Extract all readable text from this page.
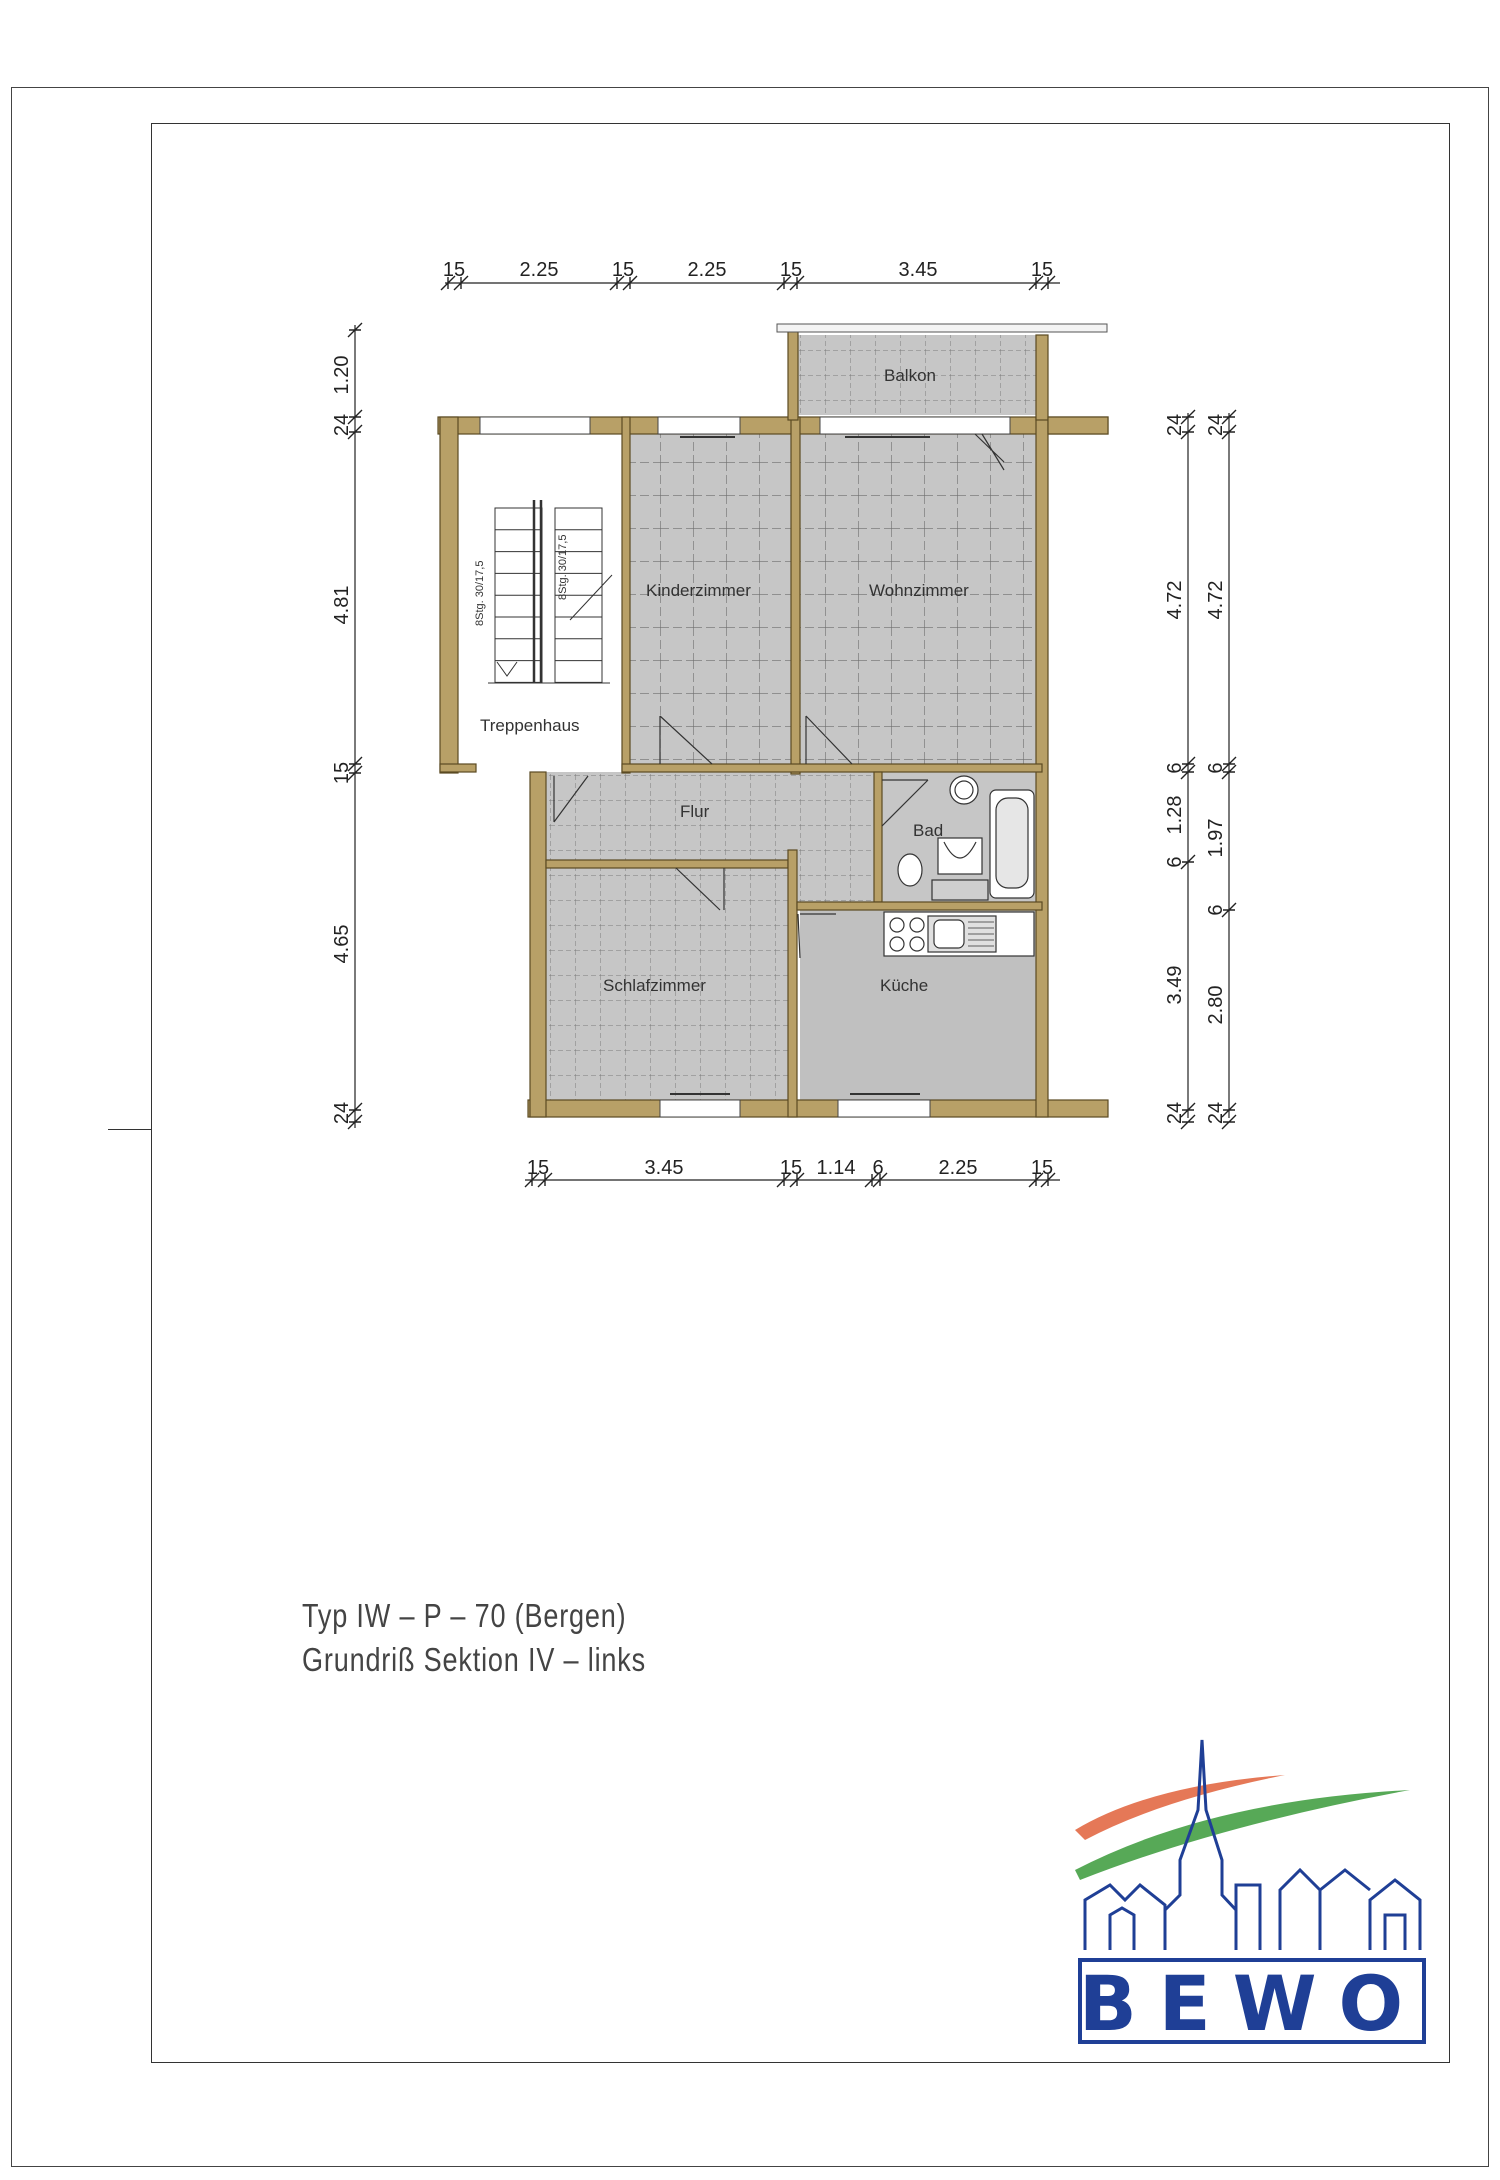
8Stg. 30/17,5	8Stg. 30/17,5
Balkon
Kinderzimmer	Wohnzimmer
Treppenhaus
Flur
Bad
Schlafzimmer	Küche
15	2.25	15	2.25	15	3.45	15
15	3.45	15 1.14 6	2.25	15
1.20
24
4.81
15
4.65
24
24
4.72
6
1.28
6
3.49
24
24
4.72
6
1.97
6
2.80
24
BEWO
Typ IW – P – 70 (Bergen)
Grundriß Sektion IV – links
